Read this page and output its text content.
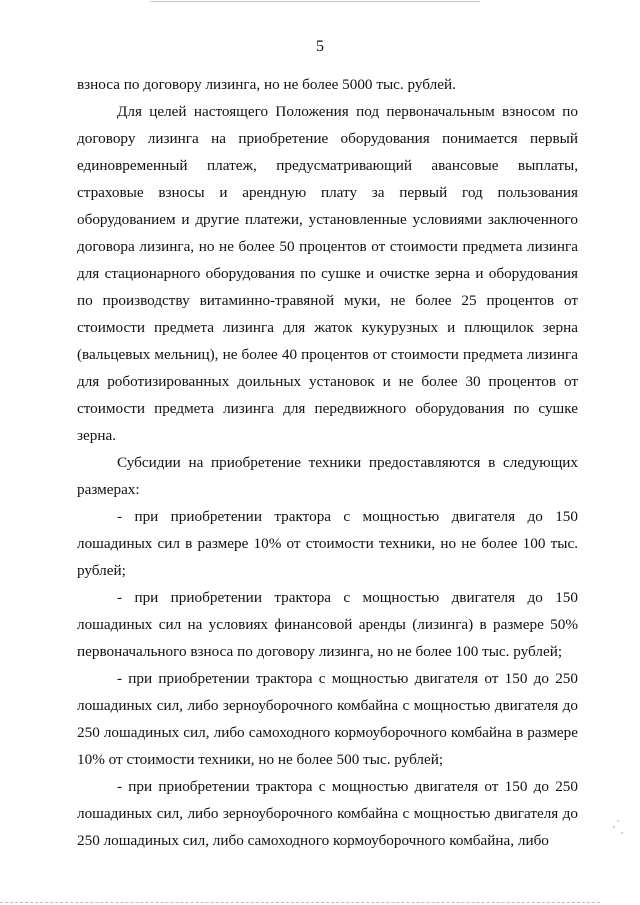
5

взноса по договору лизинга, но не более 5000 тыс. рублей.

Для целей настоящего Положения под первоначальным взносом по договору лизинга на приобретение оборудования понимается первый единовременный платеж, предусматривающий авансовые выплаты, страховые взносы и арендную плату за первый год пользования оборудованием и другие платежи, установленные условиями заключенного договора лизинга, но не более 50 процентов от стоимости предмета лизинга для стационарного оборудования по сушке и очистке зерна и оборудования по производству витаминно-травяной муки, не более 25 процентов от стоимости предмета лизинга для жаток кукурузных и плющилок зерна (вальцевых мельниц), не более 40 процентов от стоимости предмета лизинга для роботизированных доильных установок и не более 30 процентов от стоимости предмета лизинга для передвижного оборудования по сушке зерна.

Субсидии на приобретение техники предоставляются в следующих размерах:

- при приобретении трактора с мощностью двигателя до 150 лошадиных сил в размере 10% от стоимости техники, но не более 100 тыс. рублей;

- при приобретении трактора с мощностью двигателя до 150 лошадиных сил на условиях финансовой аренды (лизинга) в размере 50% первоначального взноса по договору лизинга, но не более 100 тыс. рублей;

- при приобретении трактора с мощностью двигателя от 150 до 250 лошадиных сил, либо зерноуборочного комбайна с мощностью двигателя до 250 лошадиных сил, либо самоходного кормоуборочного комбайна в размере 10% от стоимости техники, но не более 500 тыс. рублей;

- при приобретении трактора с мощностью двигателя от 150 до 250 лошадиных сил, либо зерноуборочного комбайна с мощностью двигателя до 250 лошадиных сил, либо самоходного кормоуборочного комбайна, либо
